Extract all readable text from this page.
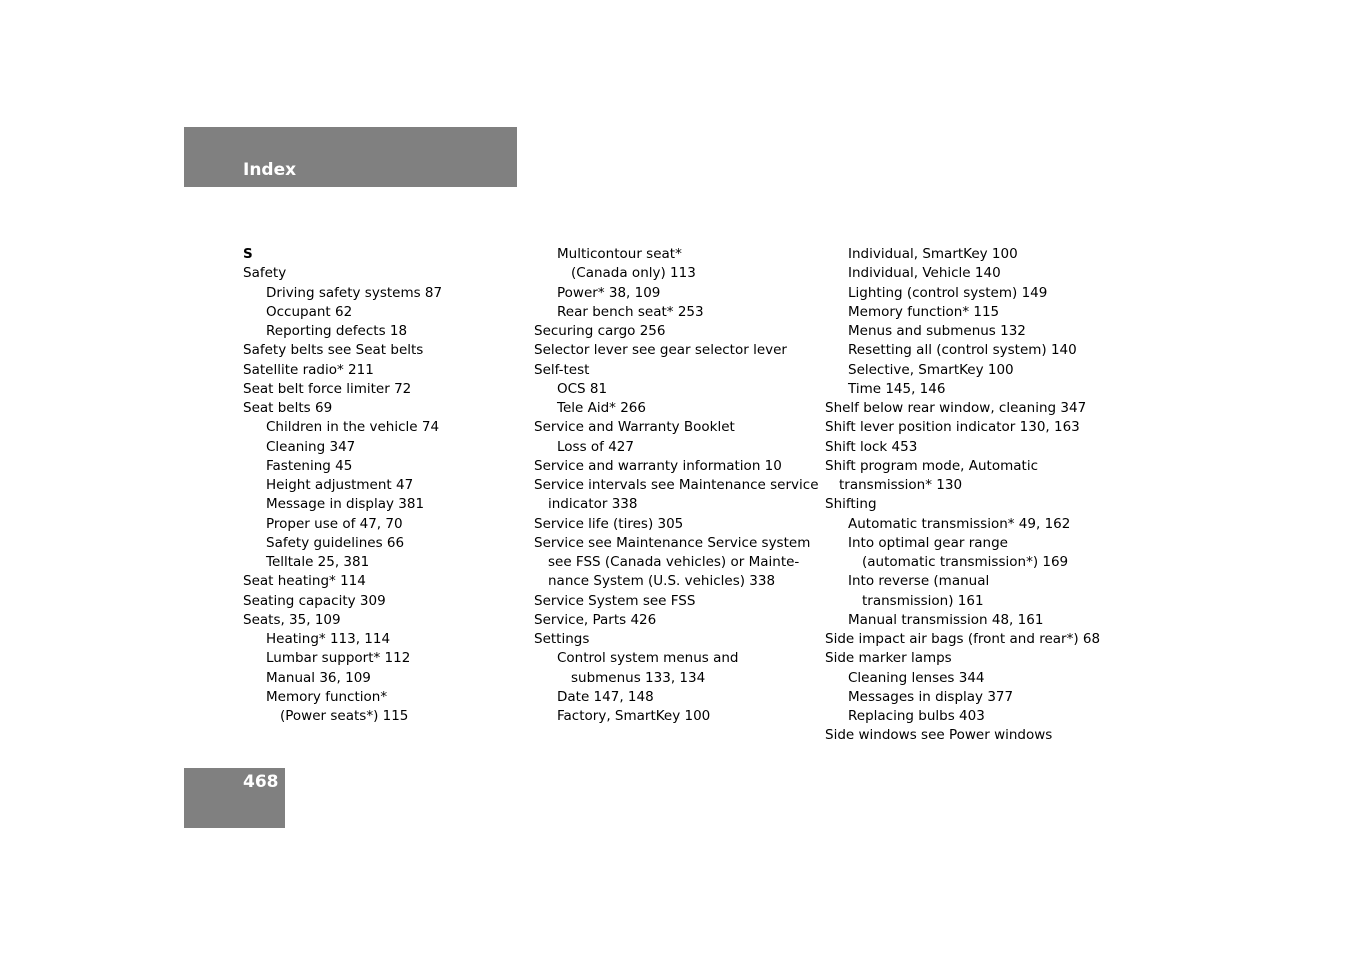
Index
S
Safety
Driving safety systems 87
Occupant 62
Reporting defects 18
Safety belts see Seat belts
Satellite radio* 211
Seat belt force limiter 72
Seat belts 69
Children in the vehicle 74
Cleaning 347
Fastening 45
Height adjustment 47
Message in display 381
Proper use of 47, 70
Safety guidelines 66
Telltale 25, 381
Seat heating* 114
Seating capacity 309
Seats, 35, 109
Heating* 113, 114
Lumbar support* 112
Manual 36, 109
Memory function*
(Power seats*) 115
Multicontour seat*
(Canada only) 113
Power* 38, 109
Rear bench seat* 253
Securing cargo 256
Selector lever see gear selector lever
Self-test
OCS 81
Tele Aid* 266
Service and Warranty Booklet
Loss of 427
Service and warranty information 10
Service intervals see Maintenance service
indicator 338
Service life (tires) 305
Service see Maintenance Service system
see FSS (Canada vehicles) or Mainte-
nance System (U.S. vehicles) 338
Service System see FSS
Service, Parts 426
Settings
Control system menus and
submenus 133, 134
Date 147, 148
Factory, SmartKey 100
Individual, SmartKey 100
Individual, Vehicle 140
Lighting (control system) 149
Memory function* 115
Menus and submenus 132
Resetting all (control system) 140
Selective, SmartKey 100
Time 145, 146
Shelf below rear window, cleaning 347
Shift lever position indicator 130, 163
Shift lock 453
Shift program mode, Automatic
transmission* 130
Shifting
Automatic transmission* 49, 162
Into optimal gear range
(automatic transmission*) 169
Into reverse (manual
transmission) 161
Manual transmission 48, 161
Side impact air bags (front and rear*) 68
Side marker lamps
Cleaning lenses 344
Messages in display 377
Replacing bulbs 403
Side windows see Power windows
468
